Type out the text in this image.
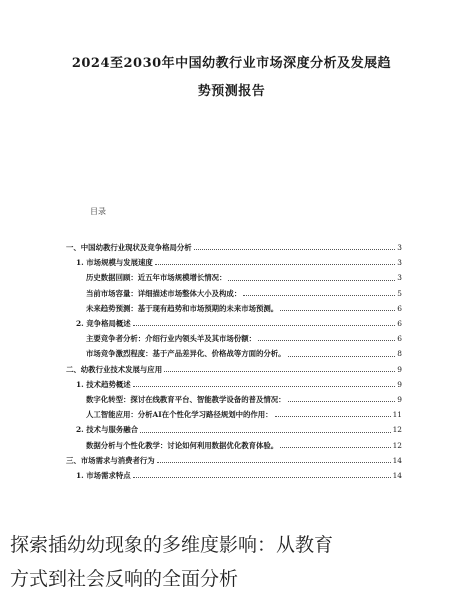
2024至2030年中国幼教行业市场深度分析及发展趋
势预测报告
目录
一、中国幼教行业现状及竞争格局分析	3
1. 市场规模与发展速度	3
历史数据回顾：近五年市场规模增长情况：	3
当前市场容量：详细描述市场整体大小及构成：	5
未来趋势预测：基于现有趋势和市场预期的未来市场预测。	6
2. 竞争格局概述	6
主要竞争者分析：介绍行业内领头羊及其市场份额：	6
市场竞争激烈程度：基于产品差异化、价格战等方面的分析。	8
二、幼教行业技术发展与应用	9
1. 技术趋势概述	9
数字化转型：探讨在线教育平台、智能教学设备的普及情况：	9
人工智能应用：分析AI在个性化学习路径规划中的作用：	11
2. 技术与服务融合	12
数据分析与个性化教学：讨论如何利用数据优化教育体验。	12
三、市场需求与消费者行为	14
1. 市场需求特点	14
探索插幼幼现象的多维度影响：从教育
方式到社会反响的全面分析
